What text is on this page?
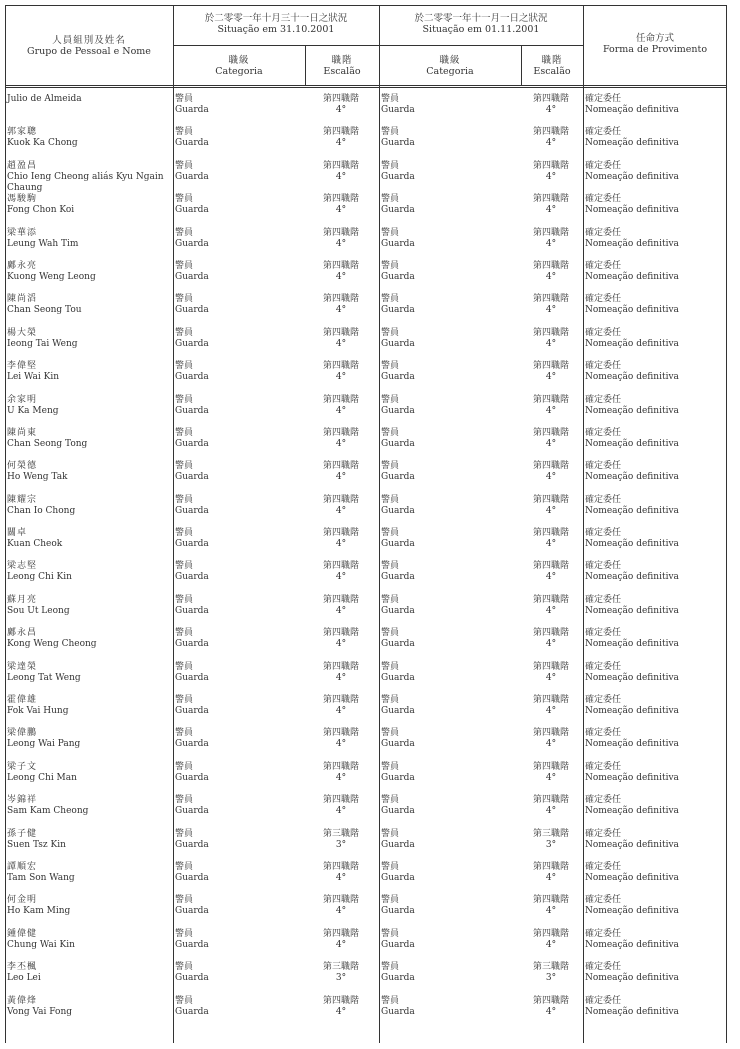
人員組別及姓名
Grupo de Pessoal e Nome
於二零零一年十月三十一日之狀況
Situação em 31.10.2001
於二零零一年十一月一日之狀況
Situação em 01.11.2001
職級
Categoria
職階
Escalão
職級
Categoria
職階
Escalão
任命方式
Forma de Provimento
Julio de Almeida	警員
Guarda
第四職階
4°
警員
Guarda
第四職階
4°
確定委任
Nomeação definitiva
郭家聰
Kuok Ka Chong
警員
Guarda
第四職階
4°
警員
Guarda
第四職階
4°
確定委任
Nomeação definitiva
趙盈昌
Chio Ieng Cheong aliás Kyu Ngain Chaung
警員
Guarda
第四職階
4°
警員
Guarda
第四職階
4°
確定委任
Nomeação definitiva
馮駿駒
Fong Chon Koi
警員
Guarda
第四職階
4°
警員
Guarda
第四職階
4°
確定委任
Nomeação definitiva
梁華添
Leung Wah Tim
警員
Guarda
第四職階
4°
警員
Guarda
第四職階
4°
確定委任
Nomeação definitiva
鄺永亮
Kuong Weng Leong
警員
Guarda
第四職階
4°
警員
Guarda
第四職階
4°
確定委任
Nomeação definitiva
陳尚滔
Chan Seong Tou
警員
Guarda
第四職階
4°
警員
Guarda
第四職階
4°
確定委任
Nomeação definitiva
楊大榮
Ieong Tai Weng
警員
Guarda
第四職階
4°
警員
Guarda
第四職階
4°
確定委任
Nomeação definitiva
李偉堅
Lei Wai Kin
警員
Guarda
第四職階
4°
警員
Guarda
第四職階
4°
確定委任
Nomeação definitiva
余家明
U Ka Meng
警員
Guarda
第四職階
4°
警員
Guarda
第四職階
4°
確定委任
Nomeação definitiva
陳尚東
Chan Seong Tong
警員
Guarda
第四職階
4°
警員
Guarda
第四職階
4°
確定委任
Nomeação definitiva
何榮德
Ho Weng Tak
警員
Guarda
第四職階
4°
警員
Guarda
第四職階
4°
確定委任
Nomeação definitiva
陳耀宗
Chan Io Chong
警員
Guarda
第四職階
4°
警員
Guarda
第四職階
4°
確定委任
Nomeação definitiva
關卓
Kuan Cheok
警員
Guarda
第四職階
4°
警員
Guarda
第四職階
4°
確定委任
Nomeação definitiva
梁志堅
Leong Chi Kin
警員
Guarda
第四職階
4°
警員
Guarda
第四職階
4°
確定委任
Nomeação definitiva
蘇月亮
Sou Ut Leong
警員
Guarda
第四職階
4°
警員
Guarda
第四職階
4°
確定委任
Nomeação definitiva
鄺永昌
Kong Weng Cheong
警員
Guarda
第四職階
4°
警員
Guarda
第四職階
4°
確定委任
Nomeação definitiva
梁達榮
Leong Tat Weng
警員
Guarda
第四職階
4°
警員
Guarda
第四職階
4°
確定委任
Nomeação definitiva
霍偉雄
Fok Vai Hung
警員
Guarda
第四職階
4°
警員
Guarda
第四職階
4°
確定委任
Nomeação definitiva
梁偉鵬
Leong Wai Pang
警員
Guarda
第四職階
4°
警員
Guarda
第四職階
4°
確定委任
Nomeação definitiva
梁子文
Leong Chi Man
警員
Guarda
第四職階
4°
警員
Guarda
第四職階
4°
確定委任
Nomeação definitiva
岑錦祥
Sam Kam Cheong
警員
Guarda
第四職階
4°
警員
Guarda
第四職階
4°
確定委任
Nomeação definitiva
孫子健
Suen Tsz Kin
警員
Guarda
第三職階
3°
警員
Guarda
第三職階
3°
確定委任
Nomeação definitiva
譚順宏
Tam Son Wang
警員
Guarda
第四職階
4°
警員
Guarda
第四職階
4°
確定委任
Nomeação definitiva
何金明
Ho Kam Ming
警員
Guarda
第四職階
4°
警員
Guarda
第四職階
4°
確定委任
Nomeação definitiva
鍾偉健
Chung Wai Kin
警員
Guarda
第四職階
4°
警員
Guarda
第四職階
4°
確定委任
Nomeação definitiva
李丕楓
Leo Lei
警員
Guarda
第三職階
3°
警員
Guarda
第三職階
3°
確定委任
Nomeação definitiva
黃偉烽
Vong Vai Fong
警員
Guarda
第四職階
4°
警員
Guarda
第四職階
4°
確定委任
Nomeação definitiva
